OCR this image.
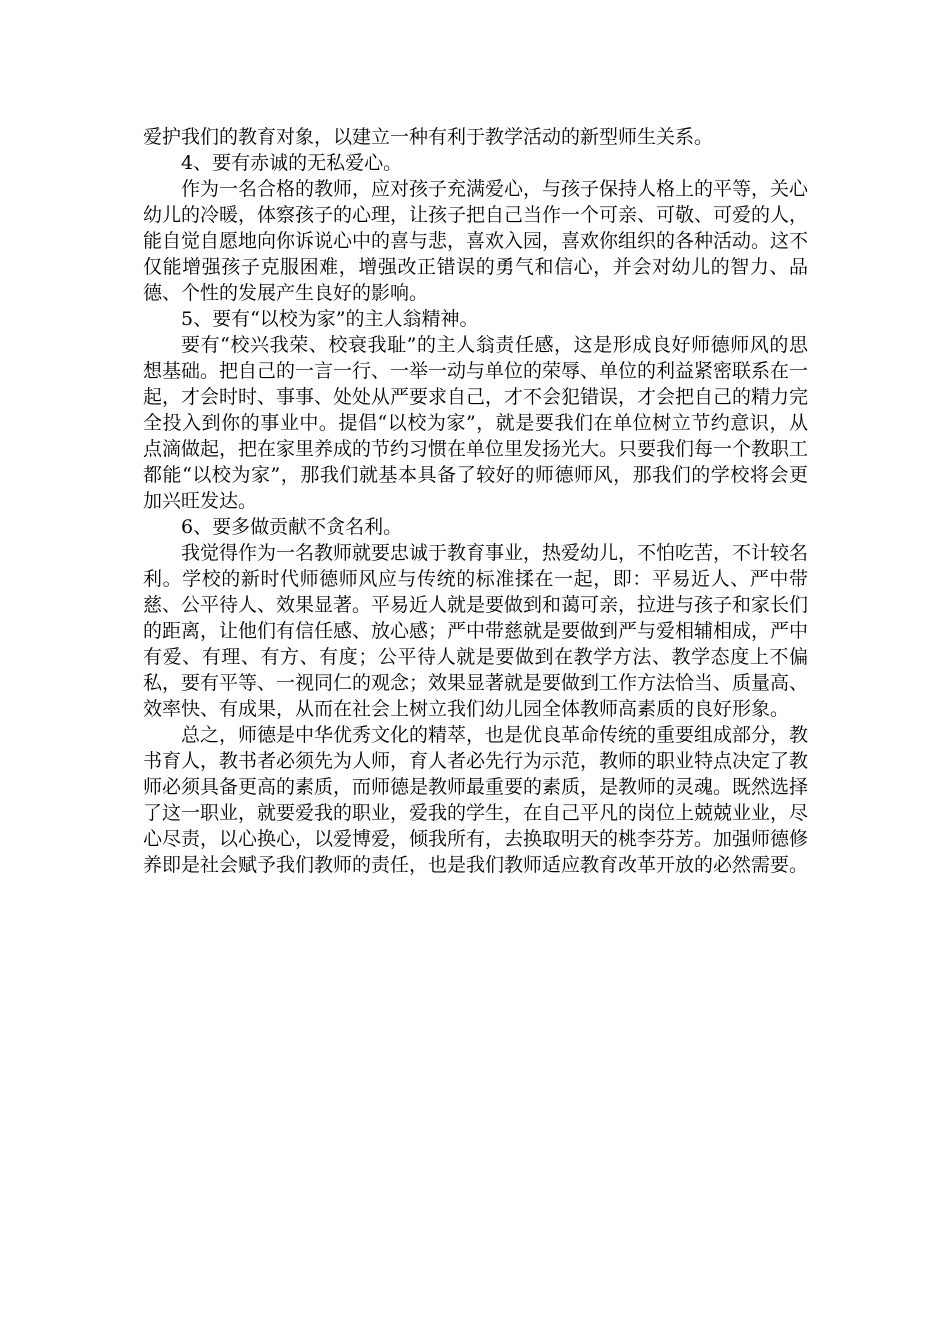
爱护我们的教育对象，以建立一种有利于教学活动的新型师生关系。

4、要有赤诚的无私爱心。

作为一名合格的教师，应对孩子充满爱心，与孩子保持人格上的平等，关心幼儿的冷暖，体察孩子的心理，让孩子把自己当作一个可亲、可敬、可爱的人，能自觉自愿地向你诉说心中的喜与悲，喜欢入园，喜欢你组织的各种活动。这不仅能增强孩子克服困难，增强改正错误的勇气和信心，并会对幼儿的智力、品德、个性的发展产生良好的影响。

5、要有“以校为家”的主人翁精神。

要有“校兴我荣、校衰我耻”的主人翁责任感，这是形成良好师德师风的思想基础。把自己的一言一行、一举一动与单位的荣辱、单位的利益紧密联系在一起，才会时时、事事、处处从严要求自己，才不会犯错误，才会把自己的精力完全投入到你的事业中。提倡“以校为家”，就是要我们在单位树立节约意识，从点滴做起，把在家里养成的节约习惯在单位里发扬光大。只要我们每一个教职工都能“以校为家”，那我们就基本具备了较好的师德师风，那我们的学校将会更加兴旺发达。

6、要多做贡献不贪名利。

我觉得作为一名教师就要忠诚于教育事业，热爱幼儿，不怕吃苦，不计较名利。学校的新时代师德师风应与传统的标准揉在一起，即：平易近人、严中带慈、公平待人、效果显著。平易近人就是要做到和蔼可亲，拉进与孩子和家长们的距离，让他们有信任感、放心感；严中带慈就是要做到严与爱相辅相成，严中有爱、有理、有方、有度；公平待人就是要做到在教学方法、教学态度上不偏私，要有平等、一视同仁的观念；效果显著就是要做到工作方法恰当、质量高、效率快、有成果，从而在社会上树立我们幼儿园全体教师高素质的良好形象。

总之，师德是中华优秀文化的精萃，也是优良革命传统的重要组成部分，教书育人，教书者必须先为人师，育人者必先行为示范，教师的职业特点决定了教师必须具备更高的素质，而师德是教师最重要的素质，是教师的灵魂。既然选择了这一职业，就要爱我的职业，爱我的学生，在自己平凡的岗位上兢兢业业，尽心尽责，以心换心，以爱博爱，倾我所有，去换取明天的桃李芬芳。加强师德修养即是社会赋予我们教师的责任，也是我们教师适应教育改革开放的必然需要。
